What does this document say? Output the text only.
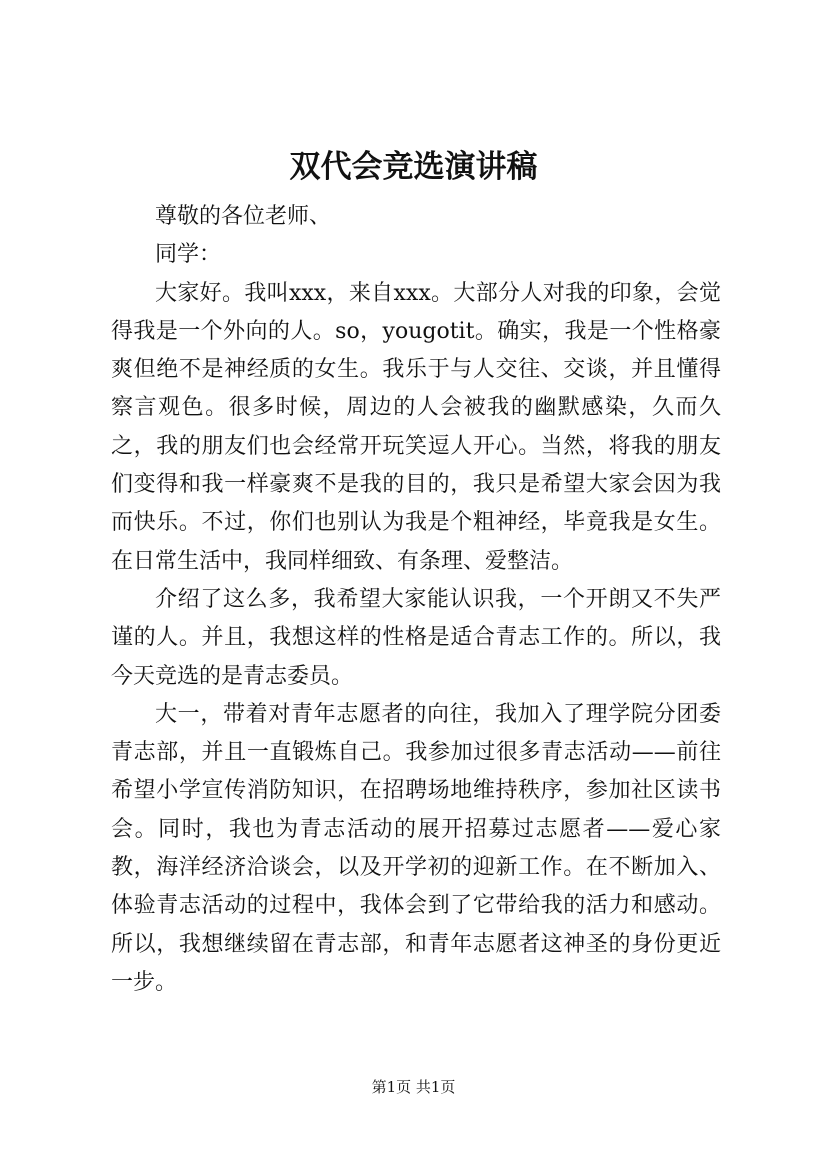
双代会竞选演讲稿

尊敬的各位老师、

同学：

大家好。我叫xxx，来自xxx。大部分人对我的印象，会觉得我是一个外向的人。so，yougotit。确实，我是一个性格豪爽但绝不是神经质的女生。我乐于与人交往、交谈，并且懂得察言观色。很多时候，周边的人会被我的幽默感染，久而久之，我的朋友们也会经常开玩笑逗人开心。当然，将我的朋友们变得和我一样豪爽不是我的目的，我只是希望大家会因为我而快乐。不过，你们也别认为我是个粗神经，毕竟我是女生。在日常生活中，我同样细致、有条理、爱整洁。

介绍了这么多，我希望大家能认识我，一个开朗又不失严谨的人。并且，我想这样的性格是适合青志工作的。所以，我今天竞选的是青志委员。

大一，带着对青年志愿者的向往，我加入了理学院分团委青志部，并且一直锻炼自己。我参加过很多青志活动——前往希望小学宣传消防知识，在招聘场地维持秩序，参加社区读书会。同时，我也为青志活动的展开招募过志愿者——爱心家教，海洋经济洽谈会，以及开学初的迎新工作。在不断加入、体验青志活动的过程中，我体会到了它带给我的活力和感动。所以，我想继续留在青志部，和青年志愿者这神圣的身份更近一步。

第1页 共1页
